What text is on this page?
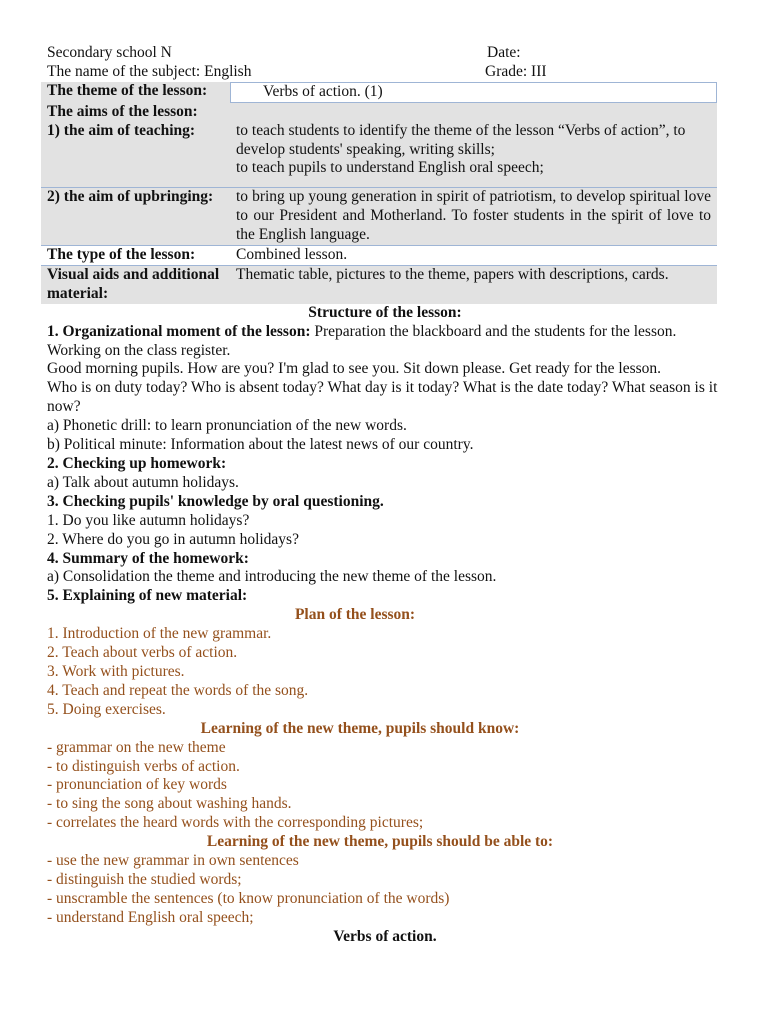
Secondary school N	Date:
The name of the subject: English	Grade: III
The theme of the lesson:	Verbs of action. (1)

The aims of the lesson:	
1) the aim of teaching:	to teach students to identify the theme of the lesson “Verbs of action”, to develop students' speaking, writing skills;
to teach pupils to understand English oral speech;

2) the aim of upbringing:	to bring up young generation in spirit of patriotism, to develop spiritual love to our President and Motherland. To foster students in the spirit of love to the English language.
The type of the lesson:	Combined lesson.
Visual aids and additional material:	Thematic table, pictures to the theme, papers with descriptions, cards.

Structure of the lesson:

1. Organizational moment of the lesson: Preparation the blackboard and the students for the lesson.

Working on the class register.

Good morning pupils. How are you? I'm glad to see you. Sit down please. Get ready for the lesson.

Who is on duty today? Who is absent today? What day is it today? What is the date today? What season is it now?

a) Phonetic drill: to learn pronunciation of the new words.

b) Political minute: Information about the latest news of our country.

2. Checking up homework:

a) Talk about autumn holidays.

3. Checking pupils' knowledge by oral questioning.

1. Do you like autumn holidays?

2. Where do you go in autumn holidays?

4. Summary of the homework:

a) Consolidation the theme and introducing the new theme of the lesson.

5. Explaining of new material:

Plan of the lesson:

1. Introduction of the new grammar.

2. Teach about verbs of action.

3. Work with pictures.

4. Teach and repeat the words of the song.

5. Doing exercises.

Learning of the new theme, pupils should know:

- grammar on the new theme

- to distinguish verbs of action.

- pronunciation of key words

- to sing the song about washing hands.

- correlates the heard words with the corresponding pictures;

Learning of the new theme, pupils should be able to:

- use the new grammar in own sentences

- distinguish the studied words;

- unscramble the sentences (to know pronunciation of the words)

- understand English oral speech;

Verbs of action.
